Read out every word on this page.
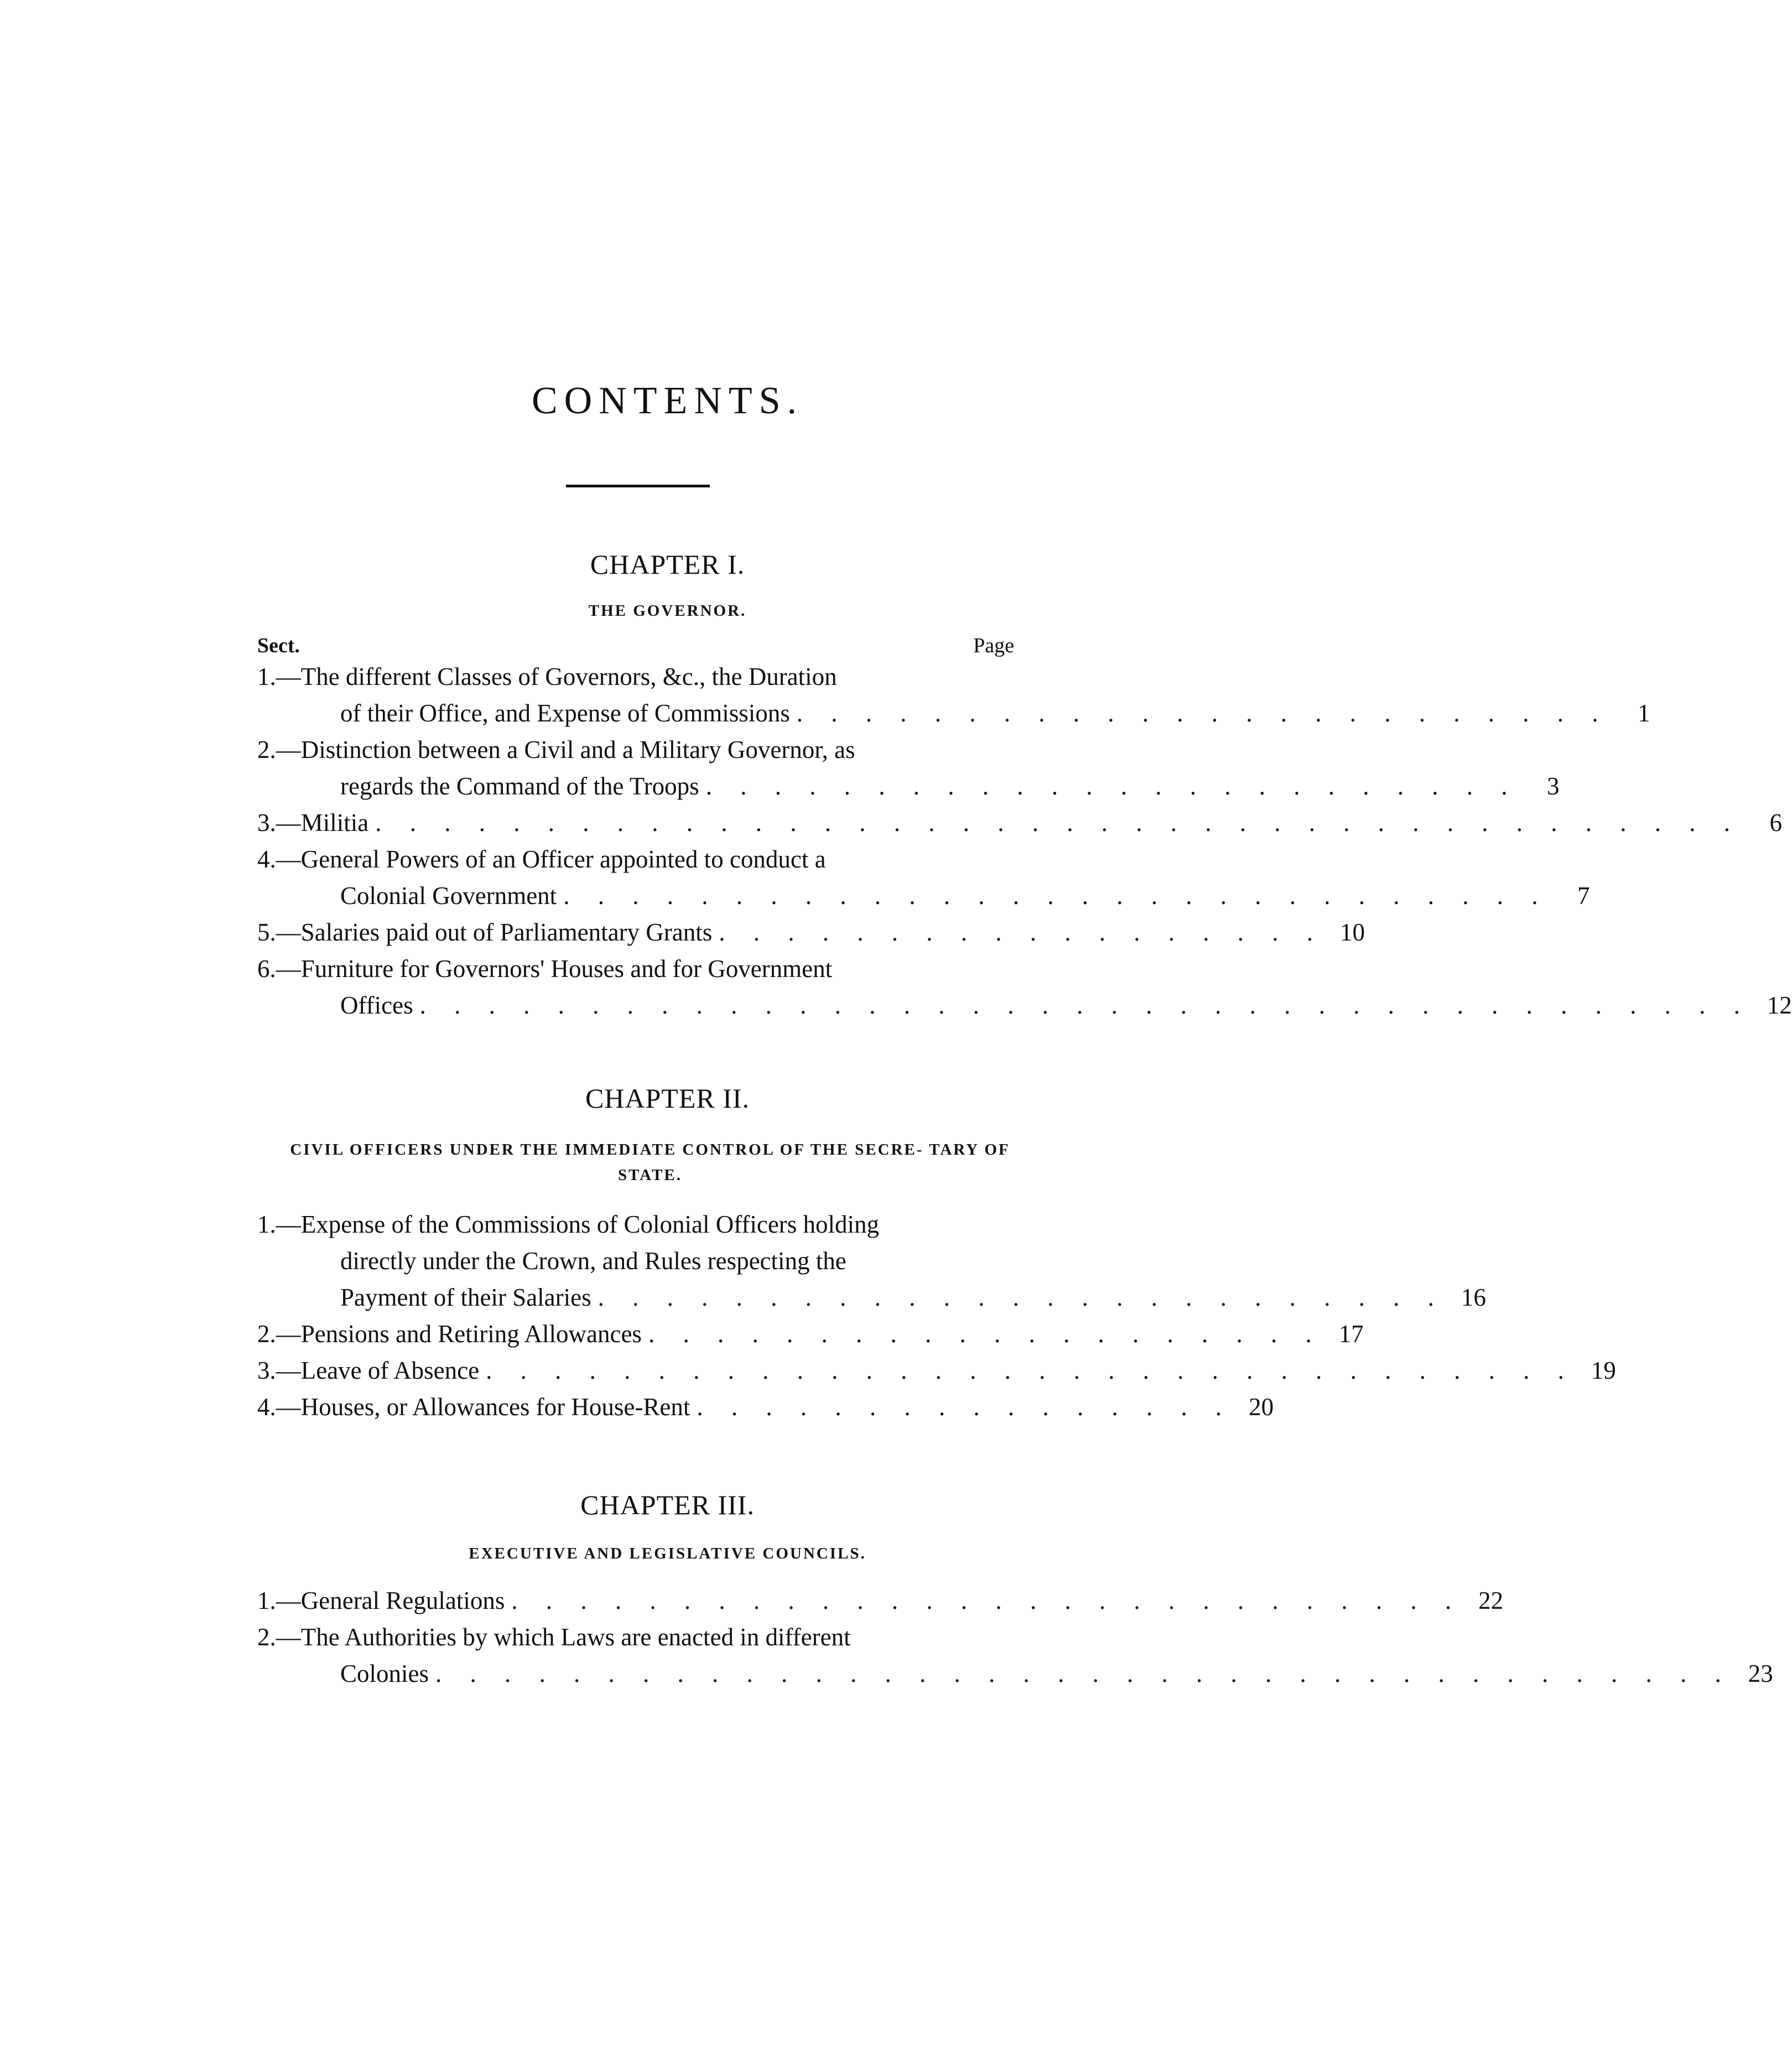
CONTENTS.
CHAPTER I.
THE GOVERNOR.
Sect.	Page
1. —The different Classes of Governors, &c., the Duration
of their Office, and Expense of Commissions . . . . . . . . . . . . . . . . . . . . . . . .	1
2. —Distinction between a Civil and a Military Governor, as
regards the Command of the Troops . . . . . . . . . . . . . . . . . . . . . . . .	3
3. —Militia . . . . . . . . . . . . . . . . . . . . . . . . . . . . . . . . . . . . . . . .	6
4. —General Powers of an Officer appointed to conduct a
Colonial Government . . . . . . . . . . . . . . . . . . . . . . . . . . . . .	7
5. —Salaries paid out of Parliamentary Grants . . . . . . . . . . . . . . . . . . 10
6. —Furniture for Governors' Houses and for Government
Offices . . . . . . . . . . . . . . . . . . . . . . . . . . . . . . . . . . . . . . . 12
CHAPTER II.
CIVIL OFFICERS UNDER THE IMMEDIATE CONTROL OF THE SECRE- TARY OF STATE.
1. —Expense of the Commissions of Colonial Officers holding
directly under the Crown, and Rules respecting the
Payment of their Salaries . . . . . . . . . . . . . . . . . . . . . . . . . 16
2. —Pensions and Retiring Allowances . . . . . . . . . . . . . . . . . . . . 17
3. —Leave of Absence . . . . . . . . . . . . . . . . . . . . . . . . . . . . . . . . 19
4. —Houses, or Allowances for House-Rent . . . . . . . . . . . . . . . . 20
CHAPTER III.
EXECUTIVE AND LEGISLATIVE COUNCILS.
1. —General Regulations . . . . . . . . . . . . . . . . . . . . . . . . . . . . 22
2. —The Authorities by which Laws are enacted in different
Colonies . . . . . . . . . . . . . . . . . . . . . . . . . . . . . . . . . . . . . . 23
